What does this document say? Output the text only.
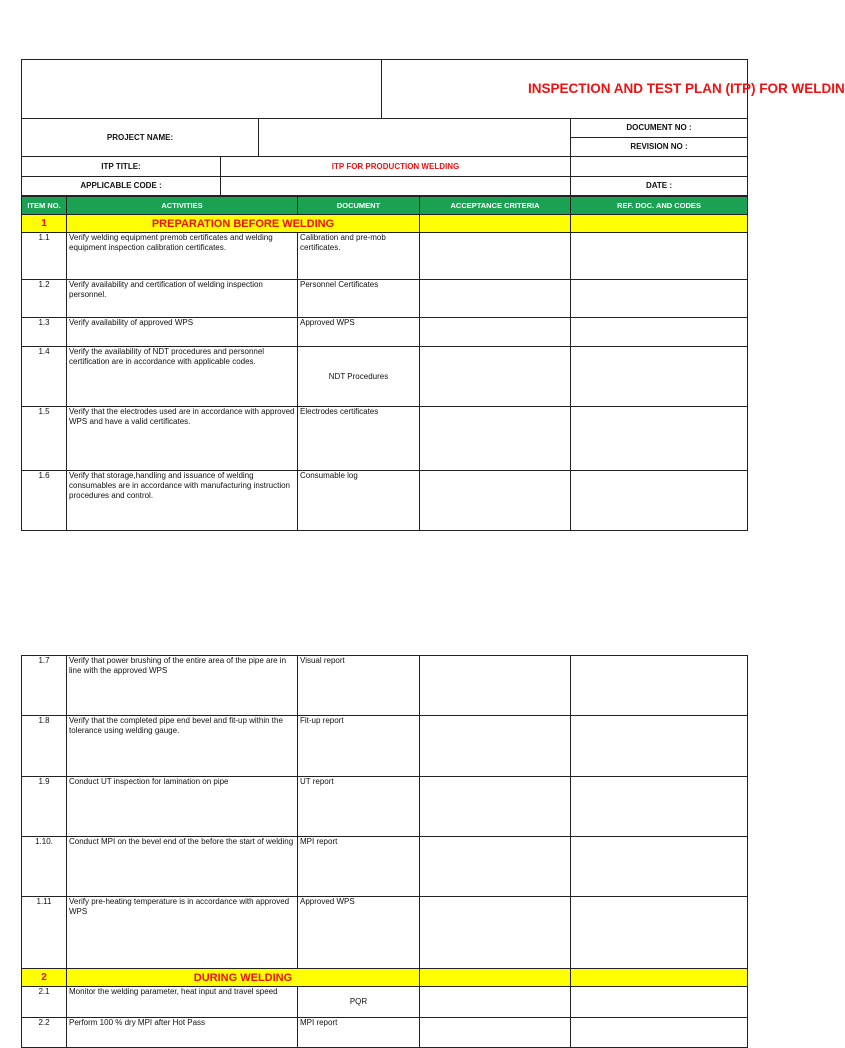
			INSPECTION AND TEST PLAN (ITP) FOR WELDIN	
PROJECT NAME:				DOCUMENT NO :
				REVISION NO :
ITP TITLE:	ITP FOR PRODUCTION WELDING			
APPLICABLE CODE :				DATE :
ITEM NO.	ACTIVITIES	DOCUMENT	ACCEPTANCE CRITERIA	REF. DOC. AND CODES
1	PREPARATION BEFORE WELDING			
1.1	Verify welding equipment premob certificates and welding equipment inspection calibration certificates.	Calibration and pre-mob certificates.		
1.2	Verify availability and certification of welding inspection personnel.	Personnel Certificates		
1.3	Verify availability of approved WPS	Approved WPS		
1.4	Verify the availability of NDT procedures and personnel certification are in accordance with applicable codes.	NDT Procedures		
1.5	Verify that the electrodes used are in accordance with approved WPS and have a valid certificates.	Electrodes certificates		
1.6	Verify that storage,handling and issuance of welding consumables are in accordance with manufacturing instruction procedures and control.	Consumable log		
1.7	Verify that power brushing of the entire area of the pipe are in line with the approved WPS	Visual report		
1.8	Verify that the completed pipe end bevel and fit-up within the tolerance using welding gauge.	Fit-up report		
1.9	Conduct UT inspection for lamination on pipe	UT report		
1.10.	Conduct MPI on the bevel end of the before the start of welding	MPI report		
1.11	Verify pre-heating temperature is in accordance with approved WPS	Approved WPS		
2	DURING WELDING			
2.1	Monitor the welding parameter, heat input and travel speed	PQR		
2.2	Perform 100 % dry MPI after Hot Pass	MPI report		
